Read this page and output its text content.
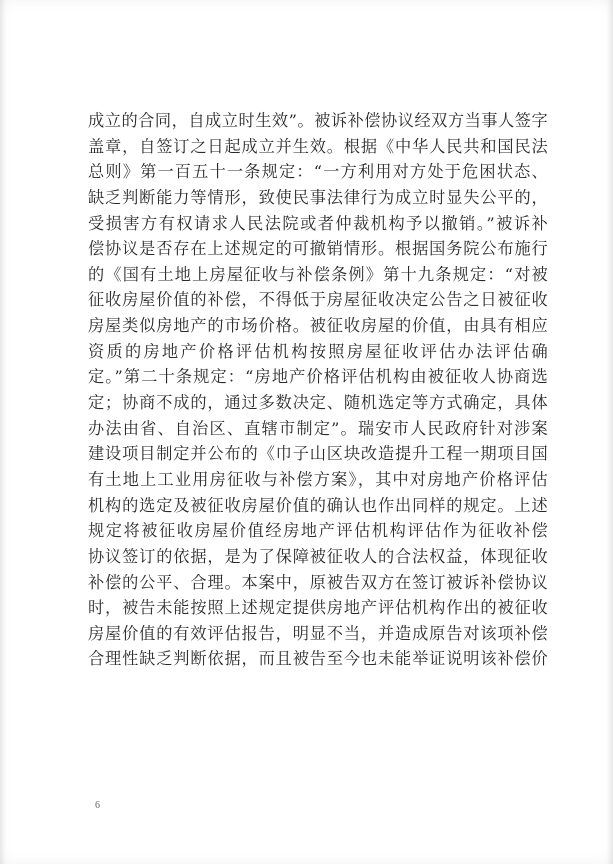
成立的合同，自成立时生效”。被诉补偿协议经双方当事人签字
盖章，自签订之日起成立并生效。根据《中华人民共和国民法
总则》第一百五十一条规定：“一方利用对方处于危困状态、
缺乏判断能力等情形，致使民事法律行为成立时显失公平的，
受损害方有权请求人民法院或者仲裁机构予以撤销。”被诉补
偿协议是否存在上述规定的可撤销情形。根据国务院公布施行
的《国有土地上房屋征收与补偿条例》第十九条规定：“对被
征收房屋价值的补偿，不得低于房屋征收决定公告之日被征收
房屋类似房地产的市场价格。被征收房屋的价值，由具有相应
资质的房地产价格评估机构按照房屋征收评估办法评估确
定。”第二十条规定：“房地产价格评估机构由被征收人协商选
定；协商不成的，通过多数决定、随机选定等方式确定，具体
办法由省、自治区、直辖市制定”。瑞安市人民政府针对涉案
建设项目制定并公布的《巾子山区块改造提升工程一期项目国
有土地上工业用房征收与补偿方案》，其中对房地产价格评估
机构的选定及被征收房屋价值的确认也作出同样的规定。上述
规定将被征收房屋价值经房地产评估机构评估作为征收补偿
协议签订的依据，是为了保障被征收人的合法权益，体现征收
补偿的公平、合理。本案中，原被告双方在签订被诉补偿协议
时，被告未能按照上述规定提供房地产评估机构作出的被征收
房屋价值的有效评估报告，明显不当，并造成原告对该项补偿
合理性缺乏判断依据，而且被告至今也未能举证说明该补偿价
6
